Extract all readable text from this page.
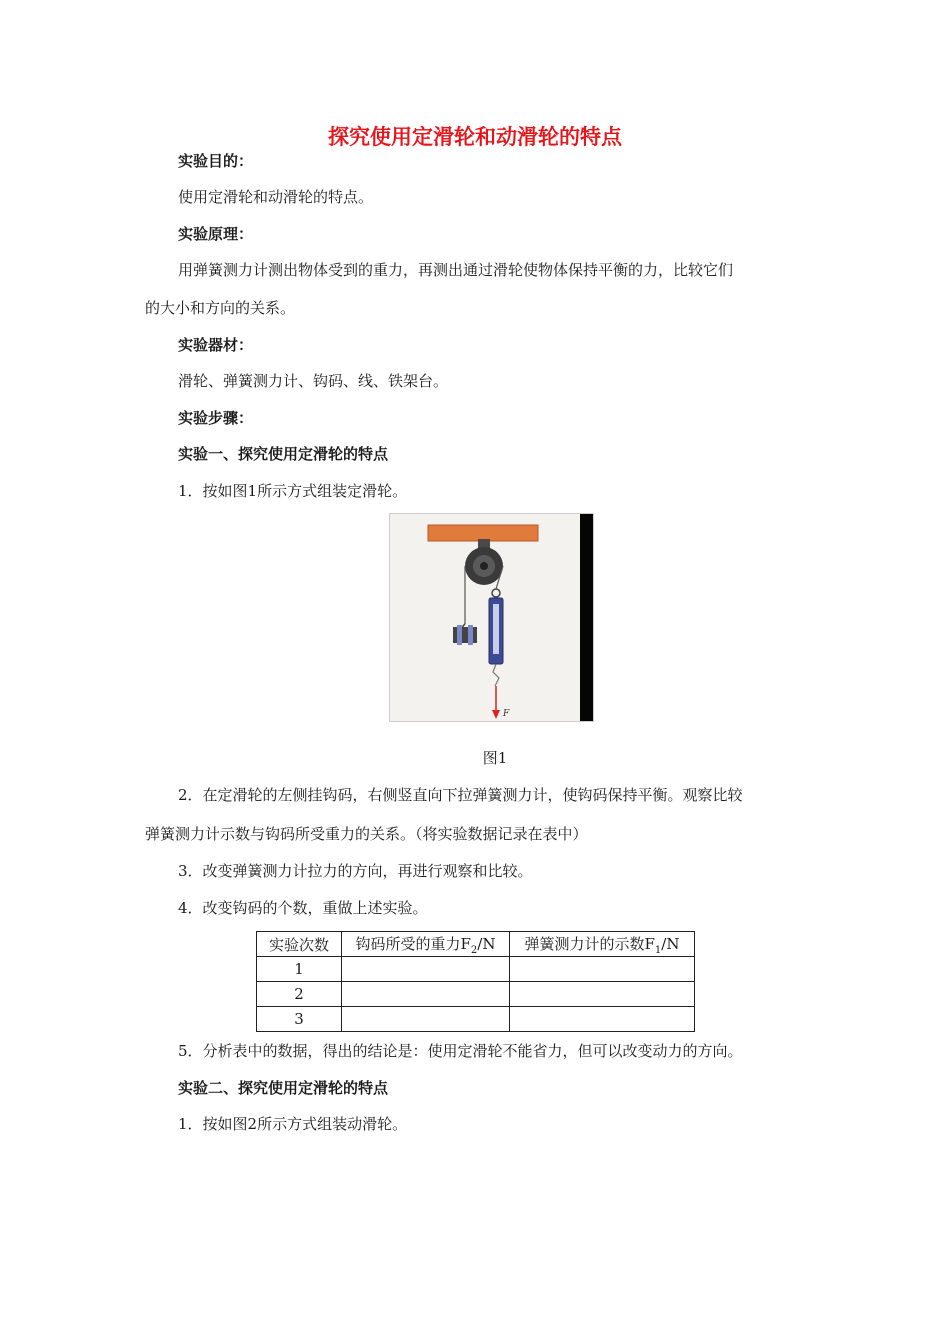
探究使用定滑轮和动滑轮的特点
实验目的：
使用定滑轮和动滑轮的特点。
实验原理：
用弹簧测力计测出物体受到的重力，再测出通过滑轮使物体保持平衡的力，比较它们
的大小和方向的关系。
实验器材：
滑轮、弹簧测力计、钩码、线、铁架台。
实验步骤：
实验一、探究使用定滑轮的特点
1．按如图1所示方式组装定滑轮。
F
图1
2．在定滑轮的左侧挂钩码，右侧竖直向下拉弹簧测力计，使钩码保持平衡。观察比较
弹簧测力计示数与钩码所受重力的关系。（将实验数据记录在表中）
3．改变弹簧测力计拉力的方向，再进行观察和比较。
4．改变钩码的个数，重做上述实验。
实验次数	钩码所受的重力$F_2/N$	弹簧测力计的示数$F_1/N$
1		
2		
3		
5．分析表中的数据，得出的结论是：使用定滑轮不能省力，但可以改变动力的方向。
实验二、探究使用定滑轮的特点
1．按如图2所示方式组装动滑轮。
